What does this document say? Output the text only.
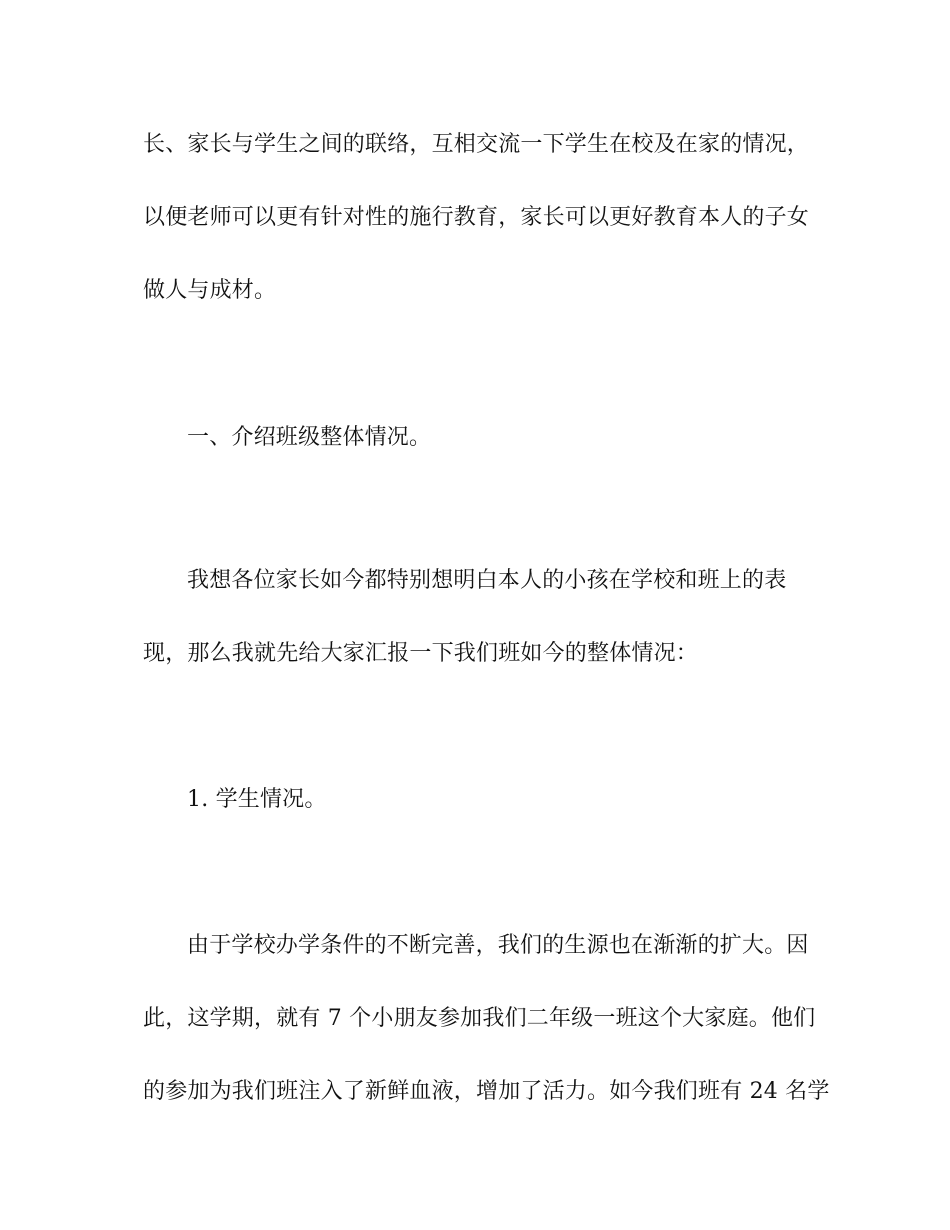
长、家长与学生之间的联络，互相交流一下学生在校及在家的情况，
以便老师可以更有针对性的施行教育，家长可以更好教育本人的子女
做人与成材。
一、介绍班级整体情况。
我想各位家长如今都特别想明白本人的小孩在学校和班上的表
现，那么我就先给大家汇报一下我们班如今的整体情况：
1. 学生情况。
由于学校办学条件的不断完善，我们的生源也在渐渐的扩大。因
此，这学期，就有 7 个小朋友参加我们二年级一班这个大家庭。他们
的参加为我们班注入了新鲜血液，增加了活力。如今我们班有 24 名学
